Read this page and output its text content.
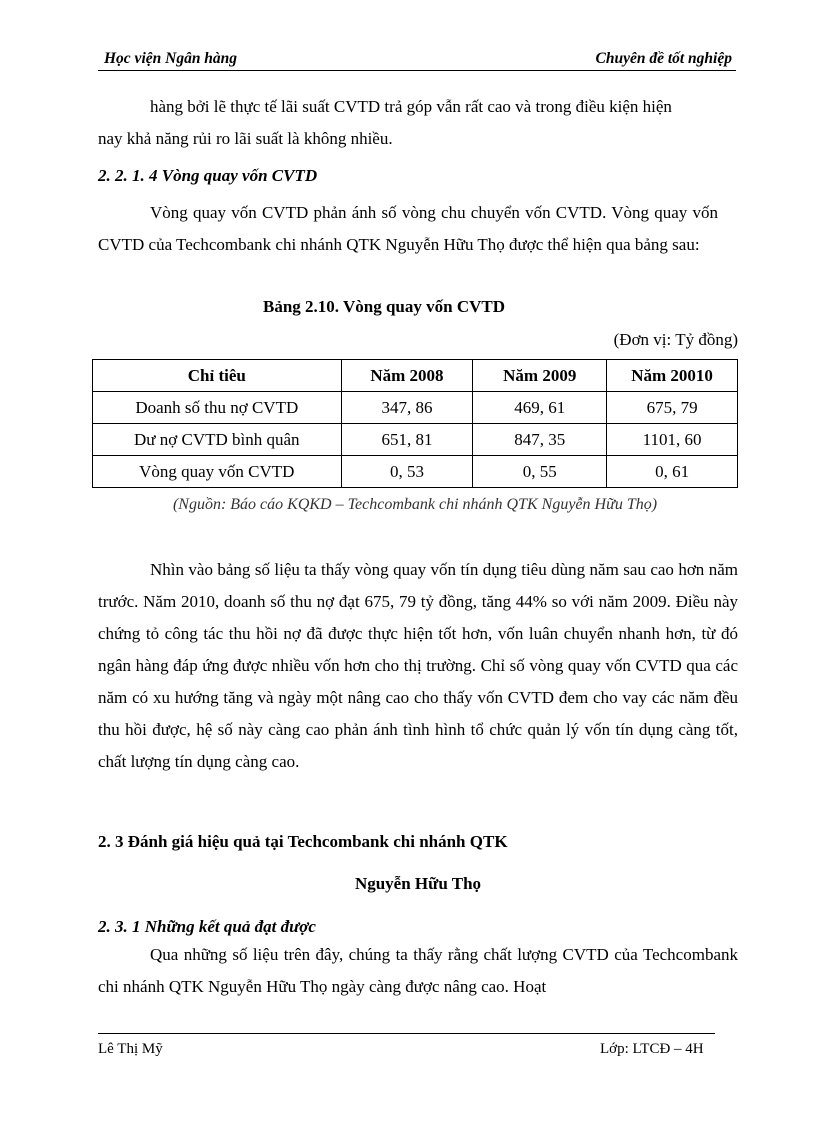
Học viện Ngân hàng	Chuyên đề tốt nghiệp
hàng bởi lẽ thực tế lãi suất CVTD trả góp vẫn rất cao và trong điều kiện hiện
nay khả năng rủi ro lãi suất là không nhiều.
2. 2. 1. 4 Vòng quay vốn CVTD
Vòng quay vốn CVTD phản ánh số vòng chu chuyển vốn CVTD. Vòng quay vốn CVTD của Techcombank chi nhánh QTK Nguyễn Hữu Thọ được thể hiện qua bảng sau:
Bảng 2.10. Vòng quay vốn CVTD
(Đơn vị: Tỷ đồng)
Chỉ tiêu	Năm 2008	Năm 2009	Năm 20010
Doanh số thu nợ CVTD	347, 86	469, 61	675, 79
Dư nợ CVTD bình quân	651, 81	847, 35	1101, 60
Vòng quay vốn CVTD	0, 53	0, 55	0, 61
(Nguồn: Báo cáo KQKD – Techcombank chi nhánh QTK Nguyễn Hữu Thọ)
Nhìn vào bảng số liệu ta thấy vòng quay vốn tín dụng tiêu dùng năm sau cao hơn năm trước. Năm 2010, doanh số thu nợ đạt 675, 79 tỷ đồng, tăng 44% so với năm 2009. Điều này chứng tỏ công tác thu hồi nợ đã được thực hiện tốt hơn, vốn luân chuyển nhanh hơn, từ đó ngân hàng đáp ứng được nhiều vốn hơn cho thị trường. Chỉ số vòng quay vốn CVTD qua các năm có xu hướng tăng và ngày một nâng cao cho thấy vốn CVTD đem cho vay các năm đều thu hồi được, hệ số này càng cao phản ánh tình hình tổ chức quản lý vốn tín dụng càng tốt, chất lượng tín dụng càng cao.
2. 3 Đánh giá hiệu quả tại Techcombank chi nhánh QTK
Nguyễn Hữu Thọ
2. 3. 1 Những kết quả đạt được
Qua những số liệu trên đây, chúng ta thấy rằng chất lượng CVTD của Techcombank chi nhánh QTK Nguyễn Hữu Thọ ngày càng được nâng cao. Hoạt
Lê Thị Mỹ	Lớp: LTCĐ – 4H
